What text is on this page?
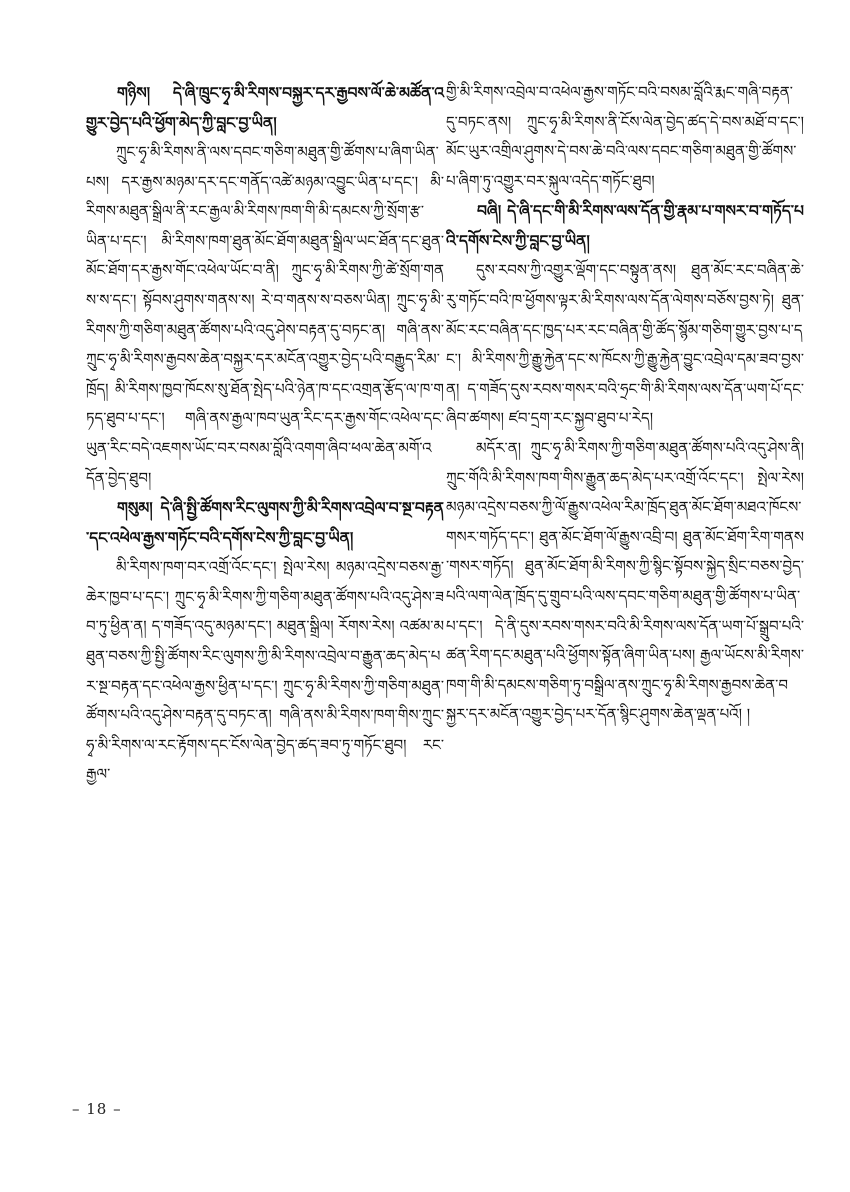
གཉིས། དེ་ཞི་ཁྲུང་ཧྭ་མི་རིགས་བསྐྱར་དར་རྒྱབས་ལོ་ཆེ་མཚོན་འགྱུར་བྱེད་པའི་ཕྱོག་མེད་ཀྱི་བླང་བྱ་ཡིན།

ཀྲུང་ཧྭ་མི་རིགས་ནི་ལས་དབང་གཅིག་མཐུན་གྱི་ཚོགས་པ་ཞིག་ཡིན་པས། དར་རྒྱས་མཉམ་དར་དང་གནོད་འཚེ་མཉམ་འབྱུང་ཡིན་པ་དང་། མི་རིགས་མཐུན་སྒྲིལ་ནི་རང་རྒྱལ་མི་རིགས་ཁག་གི་མི་དམངས་ཀྱི་སྲོག་རྩ་ཡིན་པ་དང་། མི་རིགས་ཁག་ཐུན་མོང་ཐོག་མཐུན་སྒྲིལ་ཡང་ཐོན་དང་ཐུན་མོང་ཐོག་དར་རྒྱས་གོང་འཕེལ་ཡོང་བ་ནི། ཀྲུང་ཧྭ་མི་རིགས་ཀྱི་ཚེ་སྲོག་གནས་ས་དང་། སྟོབས་ཤུགས་གནས་ས། རེ་བ་གནས་ས་བཅས་ཡིན། ཀྲུང་ཧྭ་མི་རིགས་ཀྱི་གཅིག་མཐུན་ཚོགས་པའི་འདུ་ཤེས་བརྟན་དུ་བཏང་ན། གཞི་ནས་ཀྲུང་ཧྭ་མི་རིགས་རྒྱབས་ཆེན་བསྐྱར་དར་མངོན་འགྱུར་བྱེད་པའི་བརྒྱུད་རིམ་ཁྲོད། མི་རིགས་ཁྱབ་ཁོངས་སུ་ཐོན་སྤེད་པའི་ཉེན་ཁ་དང་འགྲན་རྩོད་ལ་ཁ་གཏད་ཐུབ་པ་དང་། གཞི་ནས་རྒྱལ་ཁབ་ཡུན་རིང་དར་རྒྱས་གོང་འཕེལ་དང་ཡུན་རིང་བདེ་འཇགས་ཡོང་བར་བསམ་བློའི་འགག་ཞིབ་ཕལ་ཆེན་མགོ་འདོན་བྱེད་ཐུབ།

གསུམ། དེ་ཞི་སྤྱི་ཚོགས་རིང་ལུགས་ཀྱི་མི་རིགས་འབྲེལ་བ་སྔ་བརྟན་དང་འཕེལ་རྒྱས་གཏོང་བའི་དགོས་ངེས་ཀྱི་བླང་བྱ་ཡིན།

མི་རིགས་ཁག་བར་འགྲོ་འོང་དང་། སྤེལ་རེས། མཉམ་འདྲེས་བཅས་རྒྱ་ཆེར་ཁྱབ་པ་དང་། ཀྲུང་ཧྭ་མི་རིགས་ཀྱི་གཅིག་མཐུན་ཚོགས་པའི་འདུ་ཤེས་ཟབ་ཏུ་ཕྱིན་ན། ད་གཟོད་འདུ་མཉམ་དང་། མཐུན་སྒྲིལ། རོགས་རེས། འཚམ་མཐུན་བཅས་ཀྱི་སྤྱི་ཚོགས་རིང་ལུགས་ཀྱི་མི་རིགས་འབྲེལ་བ་རྒྱུན་ཆད་མེད་པར་སྔ་བརྟན་དང་འཕེལ་རྒྱས་ཕྱིན་པ་དང་། ཀྲུང་ཧྭ་མི་རིགས་ཀྱི་གཅིག་མཐུན་ཚོགས་པའི་འདུ་ཤེས་བརྟན་དུ་བཏང་ན། གཞི་ནས་མི་རིགས་ཁག་གིས་ཀྲུང་ཧྭ་མི་རིགས་ལ་རང་རྟོགས་དང་ངོས་ལེན་བྱེད་ཚད་ཟབ་ཏུ་གཏོང་ཐུབ། རང་རྒྱལ་

གྱི་མི་རིགས་འབྲེལ་བ་འཕེལ་རྒྱས་གཏོང་བའི་བསམ་བློའི་རྨང་གཞི་བརྟན་དུ་བཏང་ནས། ཀྲུང་ཧྭ་མི་རིགས་ནི་ངོས་ལེན་བྱེད་ཚད་དེ་བས་མཐོ་བ་དང་། མོང་ཡུར་འགྲིལ་ཤུགས་དེ་བས་ཆེ་བའི་ལས་དབང་གཅིག་མཐུན་གྱི་ཚོགས་པ་ཞིག་ཏུ་འགྱུར་བར་སྐུལ་འདེད་གཏོང་ཐུབ།

བཞི། དེ་ཞི་དང་གི་མི་རིགས་ལས་དོན་གྱི་རྣམ་པ་གསར་བ་གཏོད་པའི་དགོས་ངེས་ཀྱི་བླང་བྱ་ཡིན།

དུས་རབས་ཀྱི་འགྱུར་ལྡོག་དང་བསྟུན་ནས། ཐུན་མོང་རང་བཞིན་ཆེ་རུ་གཏོང་བའི་ཁ་ཕྱོགས་ལྟར་མི་རིགས་ལས་དོན་ལེགས་བཅོས་བྱས་ཏེ། ཐུན་མོང་རང་བཞིན་དང་ཁྱད་པར་རང་བཞིན་གྱི་ཚོད་སྙོམ་གཅིག་གྱུར་བྱས་པ་དང་། མི་རིགས་ཀྱི་རྒྱུ་རྐྱེན་དང་ས་ཁོངས་ཀྱི་རྒྱུ་རྐྱེན་བྱུང་འབྲེལ་དམ་ཟབ་བྱས་ན། ད་གཟོད་དུས་རབས་གསར་བའི་ཧྲང་གི་མི་རིགས་ལས་དོན་ཡག་པོ་དང་ཞིབ་ཚགས། ཛབ་དྲག་རང་སྐྱབ་ཐུབ་པ་རེད།

མདོར་ན། ཀྲུང་ཧྭ་མི་རིགས་ཀྱི་གཅིག་མཐུན་ཚོགས་པའི་འདུ་ཤེས་ནི། ཀྲུང་གོའི་མི་རིགས་ཁག་གིས་རྒྱུན་ཆད་མེད་པར་འགྲོ་འོང་དང་། སྤེལ་རེས། མཉམ་འདྲེས་བཅས་ཀྱི་ལོ་རྒྱུས་འཕེལ་རིམ་ཁྲོད་ཐུན་མོང་ཐོག་མཐའ་ཁོངས་གསར་གཏོད་དང་། ཐུན་མོང་ཐོག་ལོ་རྒྱུས་འབྲི་བ། ཐུན་མོང་ཐོག་རིག་གནས་གསར་གཏོད། ཐུན་མོང་ཐོག་མི་རིགས་ཀྱི་སྙིང་སྟོབས་སྐྱེད་སྲིང་བཅས་བྱེད་པའི་ལག་ལེན་ཁྲོད་དུ་གྲུབ་པའི་ལས་དབང་གཅིག་མཐུན་གྱི་ཚོགས་པ་ཡིན་པ་དང་། དེ་ནི་དུས་རབས་གསར་བའི་མི་རིགས་ལས་དོན་ཡག་པོ་སྒྲུབ་པའི་ཚན་རིག་དང་མཐུན་པའི་ཕྱོགས་སྟོན་ཞིག་ཡིན་པས། རྒྱལ་ཡོངས་མི་རིགས་ཁག་གི་མི་དམངས་གཅིག་ཏུ་བསྒྲིལ་ནས་ཀྲུང་ཧྭ་མི་རིགས་རྒྱབས་ཆེན་བསྐྱར་དར་མངོན་འགྱུར་བྱེད་པར་དོན་སྙིང་ཤུགས་ཆེན་ལྡན་པའོ། །

– 18 –
